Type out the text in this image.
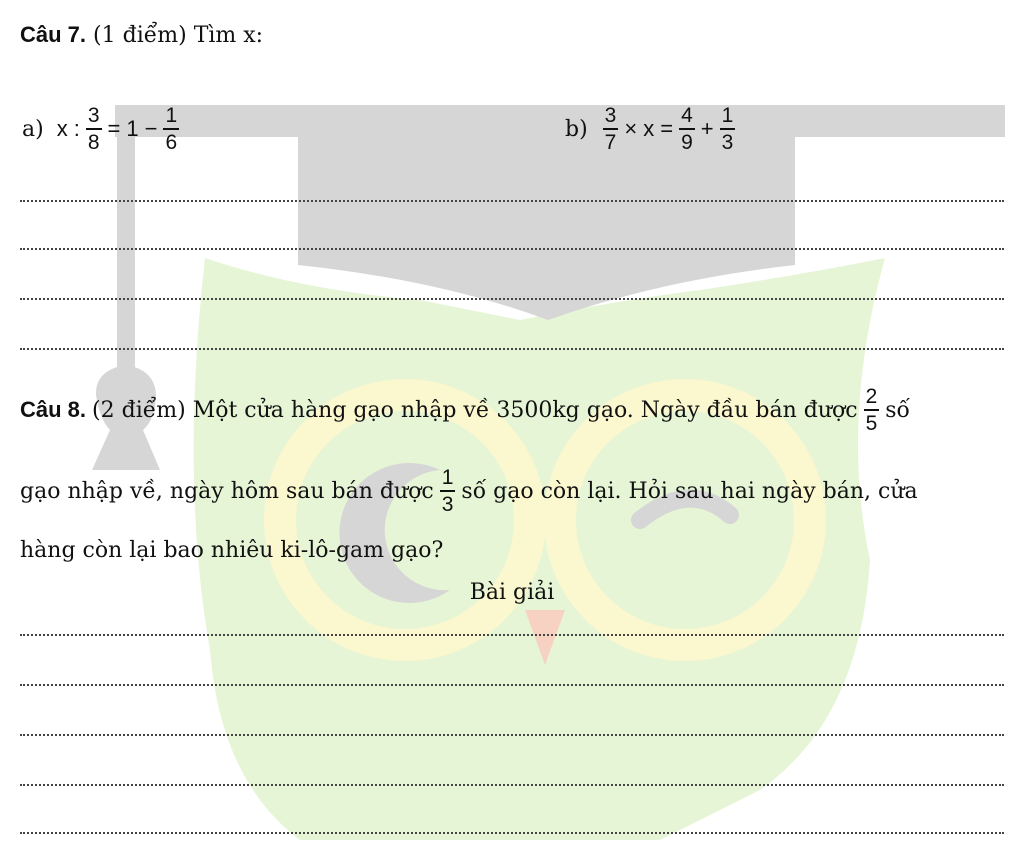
Câu 7. (1 điểm) Tìm x:
a) x : $\frac{3}{8} = 1 - \frac{1}{6}$	$b) \frac{3}{7} \times x = \frac{4}{9} + \frac{1}{3}$
Câu 8. (2 điểm) Một cửa hàng gạo nhập về 3500kg gạo. Ngày đầu bán được $\frac{2}{5}$ số
gạo nhập về, ngày hôm sau bán được $\frac{1}{3}$ số gạo còn lại. Hỏi sau hai ngày bán, cửa
hàng còn lại bao nhiêu ki-lô-gam gạo?
Bài giải
